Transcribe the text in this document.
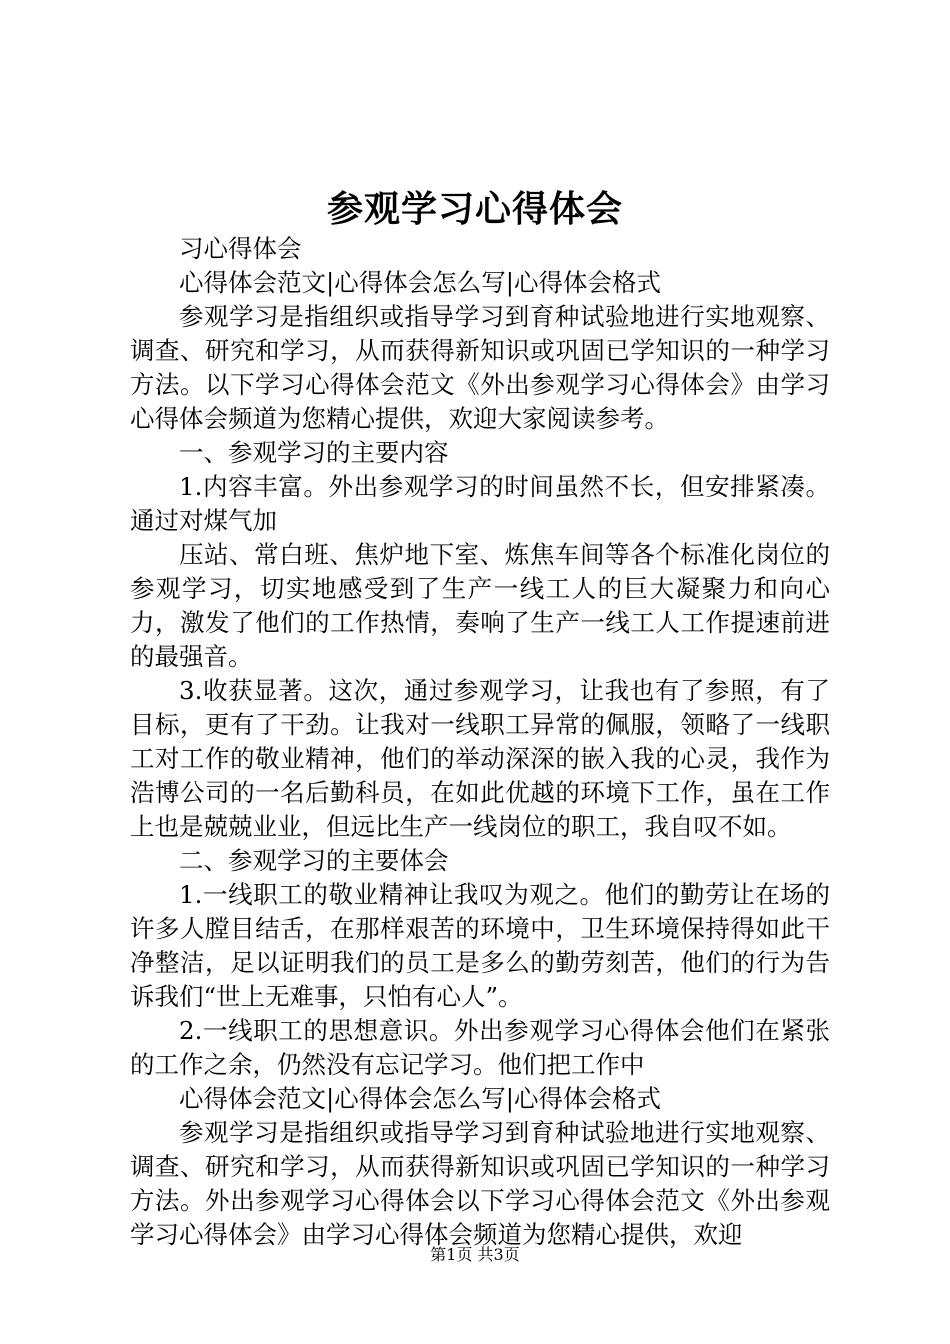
参观学习心得体会

习心得体会

心得体会范文|心得体会怎么写|心得体会格式

参观学习是指组织或指导学习到育种试验地进行实地观察、调查、研究和学习，从而获得新知识或巩固已学知识的一种学习方法。以下学习心得体会范文《外出参观学习心得体会》由学习心得体会频道为您精心提供，欢迎大家阅读参考。

一、参观学习的主要内容

1.内容丰富。外出参观学习的时间虽然不长，但安排紧凑。通过对煤气加

压站、常白班、焦炉地下室、炼焦车间等各个标准化岗位的参观学习，切实地感受到了生产一线工人的巨大凝聚力和向心力，激发了他们的工作热情，奏响了生产一线工人工作提速前进的最强音。

3.收获显著。这次，通过参观学习，让我也有了参照，有了目标，更有了干劲。让我对一线职工异常的佩服，领略了一线职工对工作的敬业精神，他们的举动深深的嵌入我的心灵，我作为浩博公司的一名后勤科员，在如此优越的环境下工作，虽在工作上也是兢兢业业，但远比生产一线岗位的职工，我自叹不如。

二、参观学习的主要体会

1.一线职工的敬业精神让我叹为观之。他们的勤劳让在场的许多人膛目结舌，在那样艰苦的环境中，卫生环境保持得如此干净整洁，足以证明我们的员工是多么的勤劳刻苦，他们的行为告诉我们“世上无难事，只怕有心人”。

2.一线职工的思想意识。外出参观学习心得体会他们在紧张的工作之余，仍然没有忘记学习。他们把工作中

心得体会范文|心得体会怎么写|心得体会格式

参观学习是指组织或指导学习到育种试验地进行实地观察、调查、研究和学习，从而获得新知识或巩固已学知识的一种学习方法。外出参观学习心得体会以下学习心得体会范文《外出参观学习心得体会》由学习心得体会频道为您精心提供，欢迎

第1页 共3页
